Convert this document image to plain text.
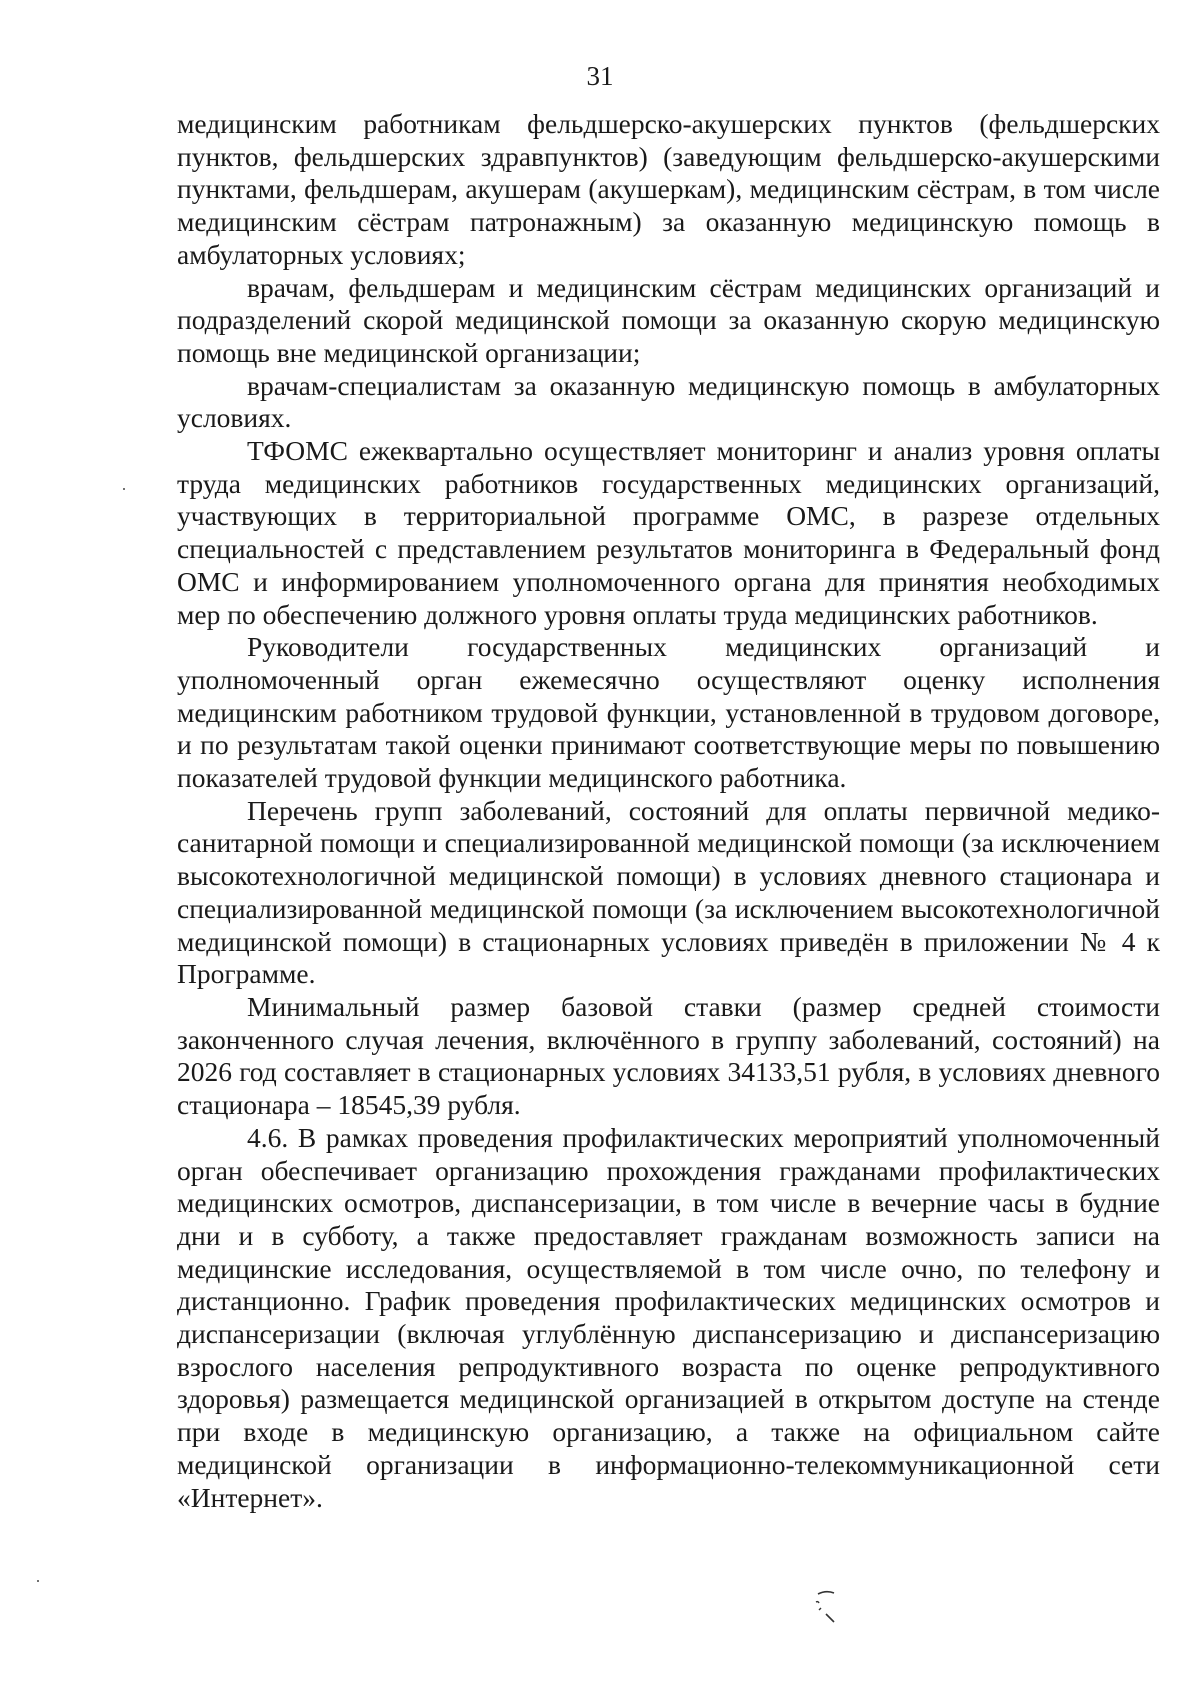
31

медицинским работникам фельдшерско-акушерских пунктов (фельдшерских пунктов, фельдшерских здравпунктов) (заведующим фельдшерско-акушерскими пунктами, фельдшерам, акушерам (акушеркам), медицинским сёстрам, в том числе медицинским сёстрам патронажным) за оказанную медицинскую помощь в амбулаторных условиях;

врачам, фельдшерам и медицинским сёстрам медицинских организаций и подразделений скорой медицинской помощи за оказанную скорую медицинскую помощь вне медицинской организации;

врачам-специалистам за оказанную медицинскую помощь в амбулаторных условиях.

ТФОМС ежеквартально осуществляет мониторинг и анализ уровня оплаты труда медицинских работников государственных медицинских организаций, участвующих в территориальной программе ОМС, в разрезе отдельных специальностей с представлением результатов мониторинга в Федеральный фонд ОМС и информированием уполномоченного органа для принятия необходимых мер по обеспечению должного уровня оплаты труда медицинских работников.

Руководители государственных медицинских организаций и уполномоченный орган ежемесячно осуществляют оценку исполнения медицинским работником трудовой функции, установленной в трудовом договоре, и по результатам такой оценки принимают соответствующие меры по повышению показателей трудовой функции медицинского работника.

Перечень групп заболеваний, состояний для оплаты первичной медико-санитарной помощи и специализированной медицинской помощи (за исключением высокотехнологичной медицинской помощи) в условиях дневного стационара и специализированной медицинской помощи (за исключением высокотехнологичной медицинской помощи) в стационарных условиях приведён в приложении № 4 к Программе.

Минимальный размер базовой ставки (размер средней стоимости законченного случая лечения, включённого в группу заболеваний, состояний) на 2026 год составляет в стационарных условиях 34133,51 рубля, в условиях дневного стационара – 18545,39 рубля.

4.6. В рамках проведения профилактических мероприятий уполномоченный орган обеспечивает организацию прохождения гражданами профилактических медицинских осмотров, диспансеризации, в том числе в вечерние часы в будние дни и в субботу, а также предоставляет гражданам возможность записи на медицинские исследования, осуществляемой в том числе очно, по телефону и дистанционно. График проведения профилактических медицинских осмотров и диспансеризации (включая углублённую диспансеризацию и диспансеризацию взрослого населения репродуктивного возраста по оценке репродуктивного здоровья) размещается медицинской организацией в открытом доступе на стенде при входе в медицинскую организацию, а также на официальном сайте медицинской организации в информационно-телекоммуникационной сети «Интернет».
